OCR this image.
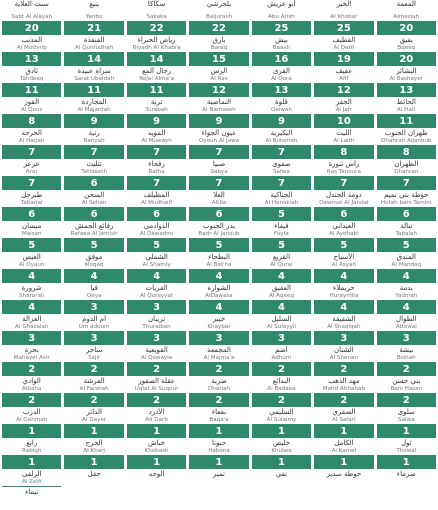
المعمة
Almeziah
20
بقيق
Bqeeq
20
البشائر
Al Bashayer
13
الحائط
Al Hait
11
ظهران الجنوب
Dhahran Aljanoub
8
الظهران
Dhahran
7
حوطة بني تميم
Hotah bani Tamim
6
تبالة
Tabalah
5
المندق
Al Mandaq
4
يدمة
Yadmah
4
الطوال
Attowal
3
بيشة
Bishah
2
بني حسن
Bani Hasan
2
سلوى
Salwa
1
ثول
Thowal
1
ضرماء
الخبر
Al Khobar
25
القطيف
Al Qatif
19
عفيف
Afif
12
الجفر
Al Jafr
10
الليث
Al Laith
8
رأس تنورة
Ras Tanoura
7
دومة الجندل
Dawmat Al Jandal
6
العيدابي
Al Aydhabi
5
الأسياح
Al Asyah
4
حريملاء
Huraymila
4
الشقيقة
Al Shaqiqah
3
الشنان
Al Shenan
2
مهد الذهب
Mahd Althahab
2
الصفري
Al Safari
1
الكامل
Al Kamel
1
حوطة سدير
أبو عريش
Abu Arish
25
بيش
Beash
16
القرى
Al Qora
13
قلوة
Qelwah
9
البكيرية
Al Bukeriah
7
صفوى
Safwa
7
الحناكية
Al Hanakiah
5
فيفاء
Fayfa
5
القريع
Al Qurai
4
العقيق
Al Aqeeq
4
السليل
Al Sulayyil
3
أضم
Adhum
2
البدائع
Al Badaea
2
السليمي
Al Sulaimy
1
خليص
Khulais
1
نفي
بلجرشي
Baljurash
22
بارق
Bareq
15
الرس
Al Ras
12
النماصية
Al Namaseh
9
عيون الجواء
Oyoun Al Jawa
7
صبيا
Sabya
7
العلا
AlUla
6
بدر الجنوب
Badr Al Janoub
5
البطحاء
Al Bat'ha
4
الشوارة
AlDawasa
4
خيبر
Khaybar
3
المجمعة
Al Majma'a
2
ضرية
Dhariah
2
بقعاء
Baqa'a
1
حبونا
Habona
1
تمير
سكاكا
Sakaka
22
رياض الخبراء
Riyadh Al Khabra
14
رجال ألمع
Rejal Alma'a
11
تربة
Turabah
9
المويه
Al Muwayh
7
رفحاء
Rafha
7
المظيلف
Al Mudhailf
6
الدوادمي
Al Dawadmi
5
الشملي
Al Shamly
4
القريات
Al Qurayyat
3
ثريبان
Thuraiban
3
القويعية
Al Qowayia
2
عقلة الصقور
Uqlat Al Suqour
2
الأدرد
Ad Darb
1
خباش
Khobash
1
الوجه
ينبع
Yanbu
21
القنفذة
Al Qunfudhah
14
سراة عبيدة
Sarat Ubaidah
11
المجاردة
Al Majardah
9
رنية
Ranyah
7
تثليث
Tathleeth
6
السحن
Al Sehan
6
رفائع الجمش
Rafaea Al Jemish
5
موقق
Moqaq
4
قيا
Qeya
3
أم الدوم
Um adoum
3
ساجر
Sajir
2
الفرشة
Al Farshah
2
الدائر
Al Dayer
1
الخرج
Al Kharj
1
حقل
سبت العلاية
Sabt Al Alayah
20
المذنب
Al Mothnib
13
ثادق
Tahdeeq
11
القوز
Al Qouz
8
الحرجة
Al Harjah
7
عرعر
Arar
7
طبرجل
Tabarjal
6
ميسان
Maisan
5
العيص
Al Oyaun
4
شرورة
Sharorah
4
الغزالة
Al Ghazalah
3
بحرة
Mahayel Asir
2
الوادي
Albaha
2
الدرب
Al Qahmah
1
رابغ
Rabigh
1
الزلفي
Al Zelfi
تيماء
